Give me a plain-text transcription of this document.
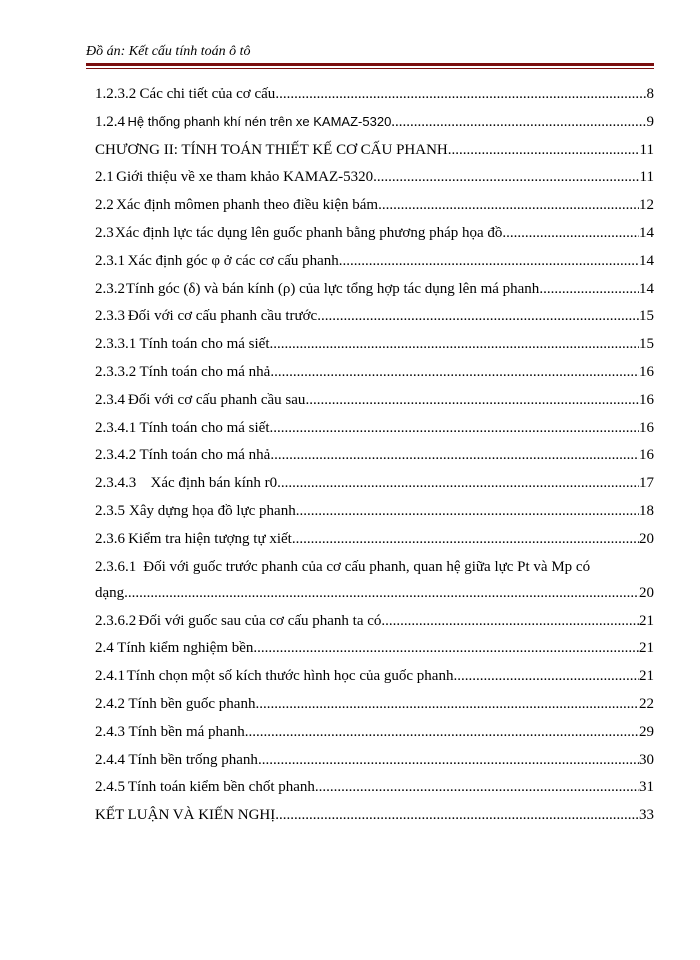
Đồ án: Kết cấu tính toán ô tô
1.2.3.2 Các chi tiết của cơ cấu .....	8
1.2.4 Hệ thống phanh khí nén trên xe KAMAZ-5320 .....	9
CHƯƠNG II: TÍNH TOÁN THIẾT KẾ CƠ CẤU PHANH .....	11
2.1 Giới thiệu về xe tham khảo KAMAZ-5320 .....	11
2.2 Xác định mômen phanh theo điều kiện bám .....	12
2.3 Xác định lực tác dụng lên guốc phanh bằng phương pháp họa đồ .....	14
2.3.1 Xác định góc φ ở các cơ cấu phanh .....	14
2.3.2 Tính góc (δ) và bán kính (ρ) của lực tổng hợp tác dụng lên má phanh .....	14
2.3.3 Đối với cơ cấu phanh cầu trước .....	15
2.3.3.1 Tính toán cho má siết .....	15
2.3.3.2 Tính toán cho má nhả .....	16
2.3.4 Đối với cơ cấu phanh cầu sau .....	16
2.3.4.1 Tính toán cho má siết .....	16
2.3.4.2 Tính toán cho má nhả .....	16
2.3.4.3 Xác định bán kính r0 .....	17
2.3.5 Xây dựng họa đồ lực phanh .....	18
2.3.6 Kiểm tra hiện tượng tự xiết .....	20
2.3.6.1 Đối với guốc trước phanh của cơ cấu phanh, quan hệ giữa lực Pt và Mp có
dạng .....	20
2.3.6.2 Đối với guốc sau của cơ cấu phanh ta có .....	21
2.4 Tính kiểm nghiệm bền .....	21
2.4.1 Tính chọn một số kích thước hình học của guốc phanh .....	21
2.4.2 Tính bền guốc phanh .....	22
2.4.3 Tính bền má phanh .....	29
2.4.4 Tính bền trống phanh .....	30
2.4.5 Tính toán kiểm bền chốt phanh .....	31
KẾT LUẬN VÀ KIẾN NGHỊ .....	33
